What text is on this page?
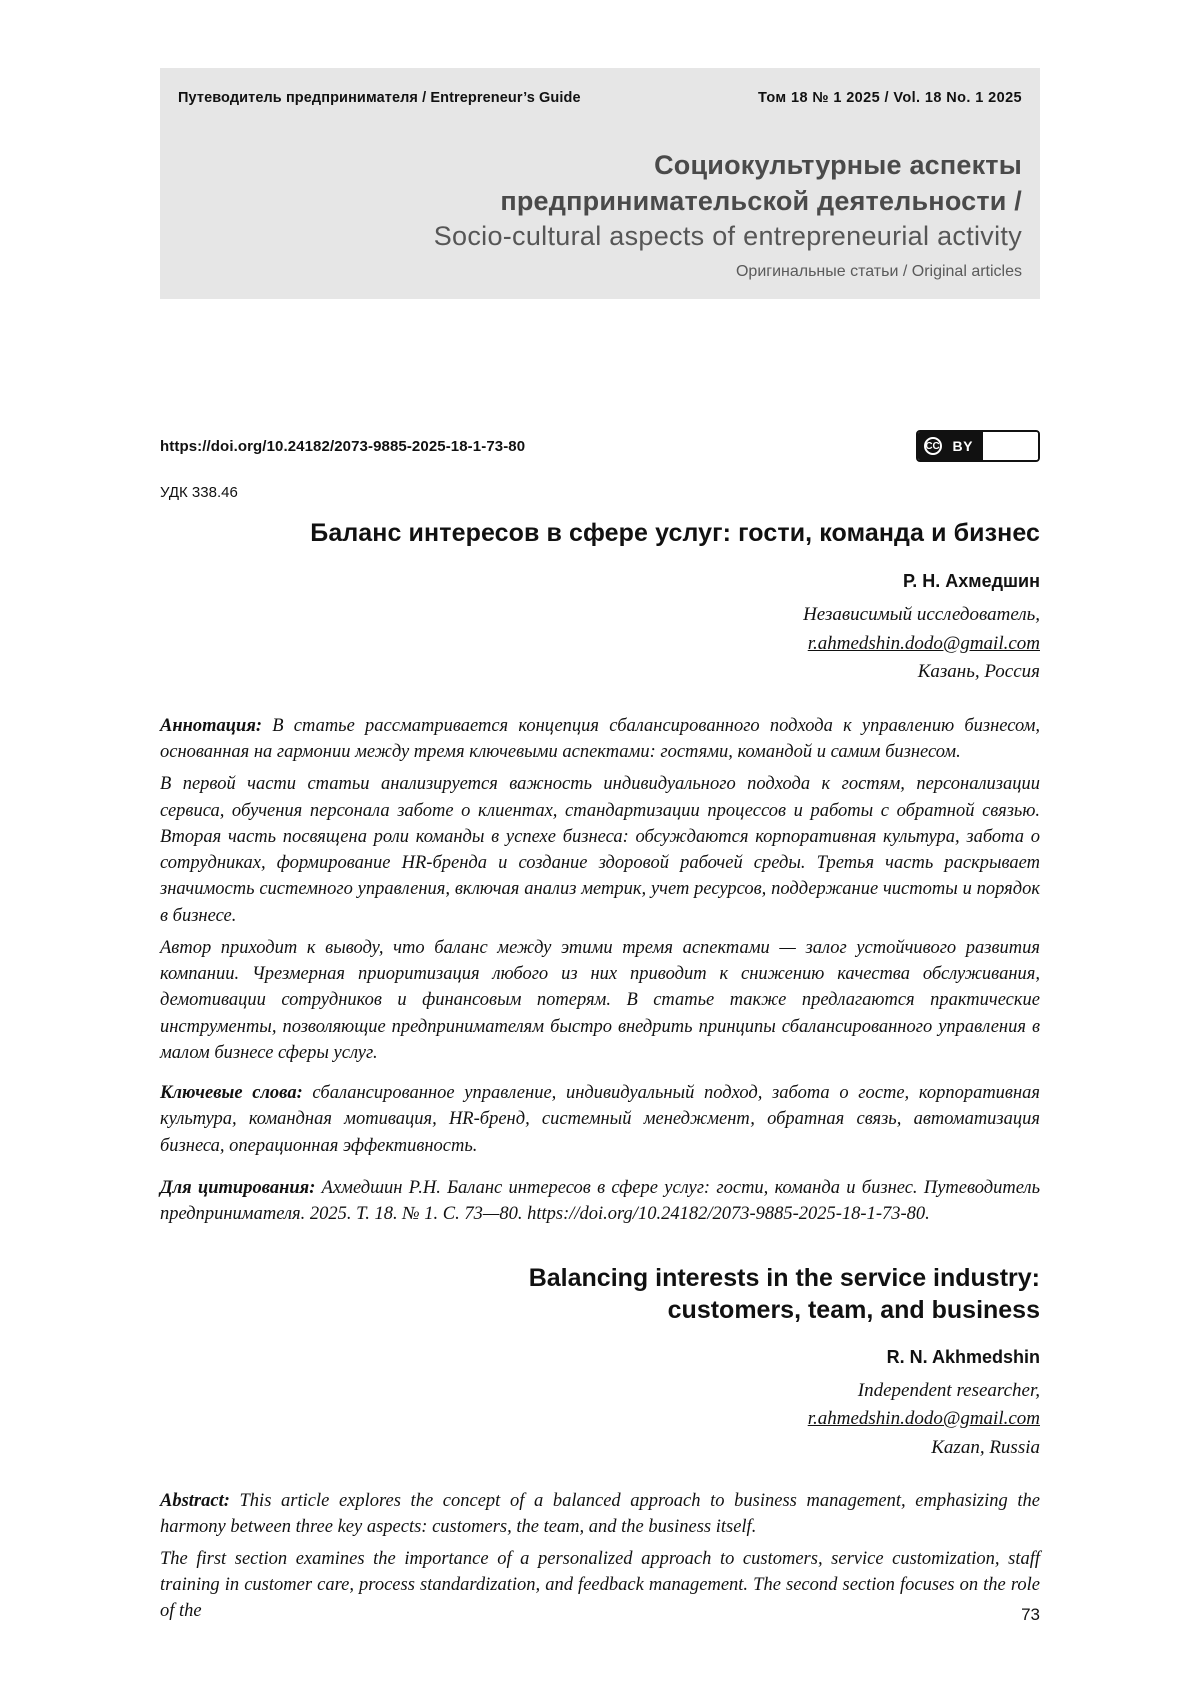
Путеводитель предпринимателя / Entrepreneur’s Guide	Том 18 № 1 2025 / Vol. 18 No. 1 2025
Социокультурные аспекты
предпринимательской деятельности /
Socio-cultural aspects of entrepreneurial activity
Оригинальные статьи / Original articles
https://doi.org/10.24182/2073-9885-2025-18-1-73-80	CC BY
УДК 338.46
Баланс интересов в сфере услуг: гости, команда и бизнес
Р. Н. Ахмедшин
Независимый исследователь,
r.ahmedshin.dodo@gmail.com
Казань, Россия

Аннотация: В статье рассматривается концепция сбалансированного подхода к управлению бизнесом, основанная на гармонии между тремя ключевыми аспектами: гостями, командой и самим бизнесом.

В первой части статьи анализируется важность индивидуального подхода к гостям, персонализации сервиса, обучения персонала заботе о клиентах, стандартизации процессов и работы с обратной связью. Вторая часть посвящена роли команды в успехе бизнеса: обсуждаются корпоративная культура, забота о сотрудниках, формирование HR-бренда и создание здоровой рабочей среды. Третья часть раскрывает значимость системного управления, включая анализ метрик, учет ресурсов, поддержание чистоты и порядок в бизнесе.

Автор приходит к выводу, что баланс между этими тремя аспектами — залог устойчивого развития компании. Чрезмерная приоритизация любого из них приводит к снижению качества обслуживания, демотивации сотрудников и финансовым потерям. В статье также предлагаются практические инструменты, позволяющие предпринимателям быстро внедрить принципы сбалансированного управления в малом бизнесе сферы услуг.

Ключевые слова: сбалансированное управление, индивидуальный подход, забота о госте, корпоративная культура, командная мотивация, HR-бренд, системный менеджмент, обратная связь, автоматизация бизнеса, операционная эффективность.
Для цитирования: Ахмедшин Р.Н. Баланс интересов в сфере услуг: гости, команда и бизнес. Путеводитель предпринимателя. 2025. Т. 18. № 1. С. 73—80. https://doi.org/10.24182/2073-9885-2025-18-1-73-80.
Balancing interests in the service industry:
customers, team, and business
R. N. Akhmedshin
Independent researcher,
r.ahmedshin.dodo@gmail.com
Kazan, Russia

Abstract: This article explores the concept of a balanced approach to business management, emphasizing the harmony between three key aspects: customers, the team, and the business itself.

The first section examines the importance of a personalized approach to customers, service customization, staff training in customer care, process standardization, and feedback management. The second section focuses on the role of the	73
